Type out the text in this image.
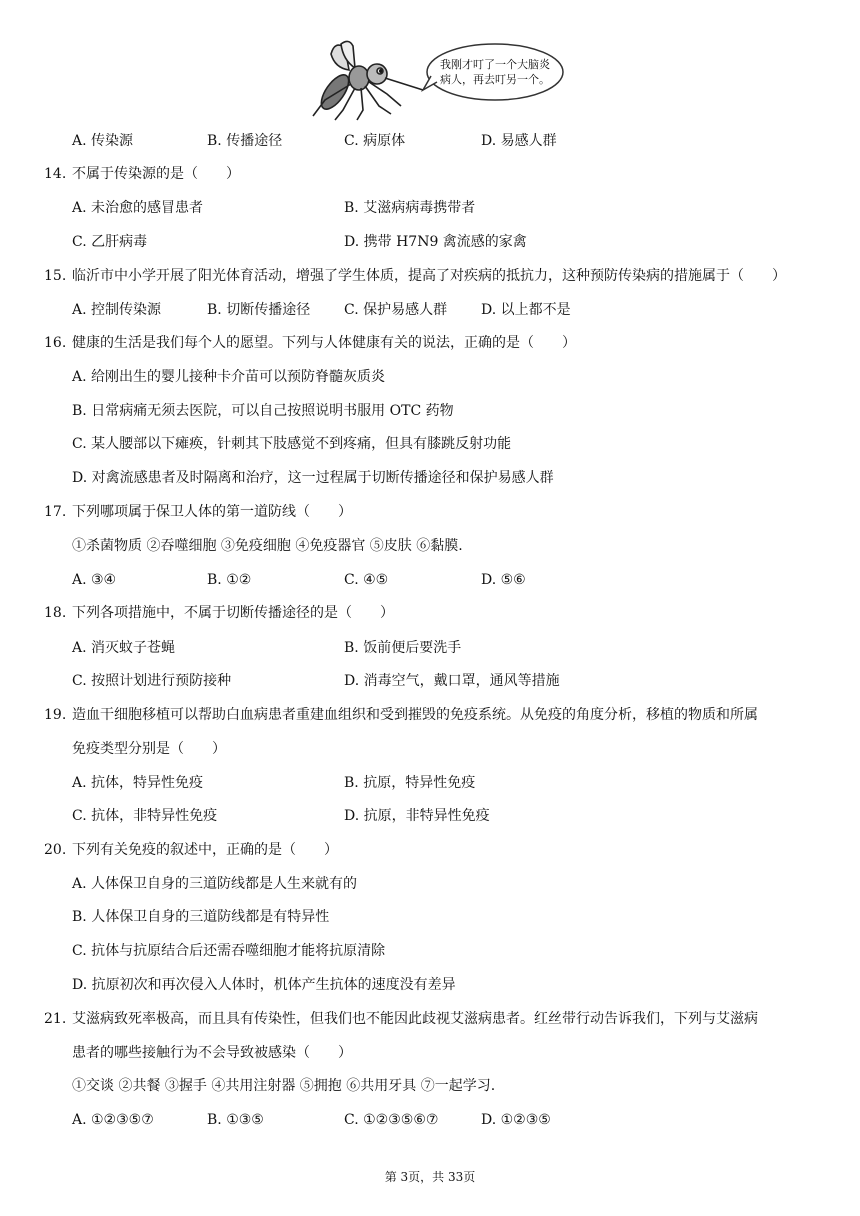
我刚才叮了一个大脑炎
病人，再去叮另一个。
A. 传染源	B. 传播途径	C. 病原体	D. 易感人群
14. 不属于传染源的是（　　）
A. 未治愈的感冒患者	B. 艾滋病病毒携带者
C. 乙肝病毒	D. 携带 H7N9 禽流感的家禽
15. 临沂市中小学开展了阳光体育活动，增强了学生体质，提高了对疾病的抵抗力，这种预防传染病的措施属于（　　）
A. 控制传染源	B. 切断传播途径 C. 保护易感人群 D. 以上都不是
16. 健康的生活是我们每个人的愿望。下列与人体健康有关的说法，正确的是（　　）
A. 给刚出生的婴儿接种卡介苗可以预防脊髓灰质炎
B. 日常病痛无须去医院，可以自己按照说明书服用 OTC 药物
C. 某人腰部以下瘫痪，针刺其下肢感觉不到疼痛，但具有膝跳反射功能
D. 对禽流感患者及时隔离和治疗，这一过程属于切断传播途径和保护易感人群
17. 下列哪项属于保卫人体的第一道防线（　　）
①杀菌物质 ②吞噬细胞 ③免疫细胞 ④免疫器官 ⑤皮肤 ⑥黏膜.
A. ③④	B. ①②	C. ④⑤	D. ⑤⑥
18. 下列各项措施中，不属于切断传播途径的是（　　）
A. 消灭蚊子苍蝇	B. 饭前便后要洗手
C. 按照计划进行预防接种	D. 消毒空气，戴口罩，通风等措施
19. 造血干细胞移植可以帮助白血病患者重建血组织和受到摧毁的免疫系统。从免疫的角度分析，移植的物质和所属
免疫类型分别是（　　）
A. 抗体，特异性免疫	B. 抗原，特异性免疫
C. 抗体，非特异性免疫	D. 抗原，非特异性免疫
20. 下列有关免疫的叙述中，正确的是（　　）
A. 人体保卫自身的三道防线都是人生来就有的
B. 人体保卫自身的三道防线都是有特异性
C. 抗体与抗原结合后还需吞噬细胞才能将抗原清除
D. 抗原初次和再次侵入人体时，机体产生抗体的速度没有差异
21. 艾滋病致死率极高，而且具有传染性，但我们也不能因此歧视艾滋病患者。红丝带行动告诉我们，下列与艾滋病
患者的哪些接触行为不会导致被感染（　　）
①交谈 ②共餐 ③握手 ④共用注射器 ⑤拥抱 ⑥共用牙具 ⑦一起学习.
A. ①②③⑤⑦	B. ①③⑤	C. ①②③⑤⑥⑦	D. ①②③⑤
第 3页，共 33页
